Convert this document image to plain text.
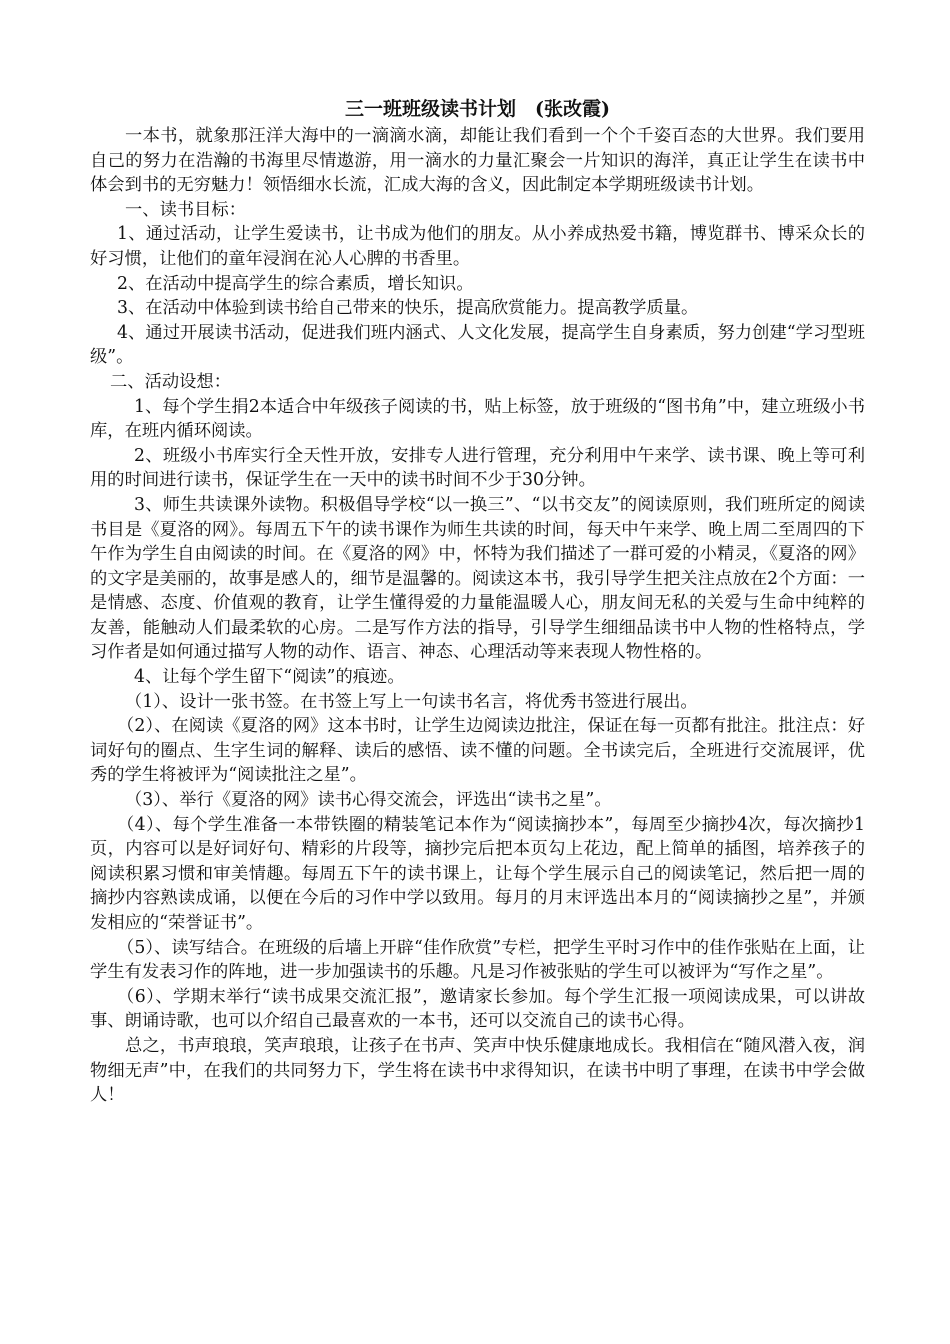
三一班班级读书计划　(张改霞)

一本书，就象那汪洋大海中的一滴滴水滴，却能让我们看到一个个千姿百态的大世界。我们要用自己的努力在浩瀚的书海里尽情遨游，用一滴水的力量汇聚会一片知识的海洋，真正让学生在读书中体会到书的无穷魅力！领悟细水长流，汇成大海的含义，因此制定本学期班级读书计划。

一、读书目标：

1、通过活动，让学生爱读书，让书成为他们的朋友。从小养成热爱书籍，博览群书、博采众长的好习惯，让他们的童年浸润在沁人心脾的书香里。

2、在活动中提高学生的综合素质，增长知识。

3、在活动中体验到读书给自己带来的快乐，提高欣赏能力。提高教学质量。

4、通过开展读书活动，促进我们班内涵式、人文化发展，提高学生自身素质，努力创建“学习型班级”。

二、活动设想：

1、每个学生捐2本适合中年级孩子阅读的书，贴上标签，放于班级的“图书角”中，建立班级小书库，在班内循环阅读。

2、班级小书库实行全天性开放，安排专人进行管理，充分利用中午来学、读书课、晚上等可利用的时间进行读书，保证学生在一天中的读书时间不少于30分钟。

3、师生共读课外读物。积极倡导学校“以一换三”、“以书交友”的阅读原则，我们班所定的阅读书目是《夏洛的网》。每周五下午的读书课作为师生共读的时间，每天中午来学、晚上周二至周四的下午作为学生自由阅读的时间。在《夏洛的网》中，怀特为我们描述了一群可爱的小精灵，《夏洛的网》的文字是美丽的，故事是感人的，细节是温馨的。阅读这本书，我引导学生把关注点放在2个方面：一是情感、态度、价值观的教育，让学生懂得爱的力量能温暖人心，朋友间无私的关爱与生命中纯粹的友善，能触动人们最柔软的心房。二是写作方法的指导，引导学生细细品读书中人物的性格特点，学习作者是如何通过描写人物的动作、语言、神态、心理活动等来表现人物性格的。

4、让每个学生留下“阅读”的痕迹。

（1）、设计一张书签。在书签上写上一句读书名言，将优秀书签进行展出。

（2）、在阅读《夏洛的网》这本书时，让学生边阅读边批注，保证在每一页都有批注。批注点：好词好句的圈点、生字生词的解释、读后的感悟、读不懂的问题。全书读完后，全班进行交流展评，优秀的学生将被评为“阅读批注之星”。

（3）、举行《夏洛的网》读书心得交流会，评选出“读书之星”。

（4）、每个学生准备一本带铁圈的精装笔记本作为“阅读摘抄本”，每周至少摘抄4次，每次摘抄1页，内容可以是好词好句、精彩的片段等，摘抄完后把本页勾上花边，配上简单的插图，培养孩子的阅读积累习惯和审美情趣。每周五下午的读书课上，让每个学生展示自己的阅读笔记，然后把一周的摘抄内容熟读成诵，以便在今后的习作中学以致用。每月的月末评选出本月的“阅读摘抄之星”，并颁发相应的“荣誉证书”。

（5）、读写结合。在班级的后墙上开辟“佳作欣赏”专栏，把学生平时习作中的佳作张贴在上面，让学生有发表习作的阵地，进一步加强读书的乐趣。凡是习作被张贴的学生可以被评为“写作之星”。

（6）、学期末举行“读书成果交流汇报”，邀请家长参加。每个学生汇报一项阅读成果，可以讲故事、朗诵诗歌，也可以介绍自己最喜欢的一本书，还可以交流自己的读书心得。

总之，书声琅琅，笑声琅琅，让孩子在书声、笑声中快乐健康地成长。我相信在“随风潜入夜，润物细无声”中，在我们的共同努力下，学生将在读书中求得知识，在读书中明了事理，在读书中学会做人！
